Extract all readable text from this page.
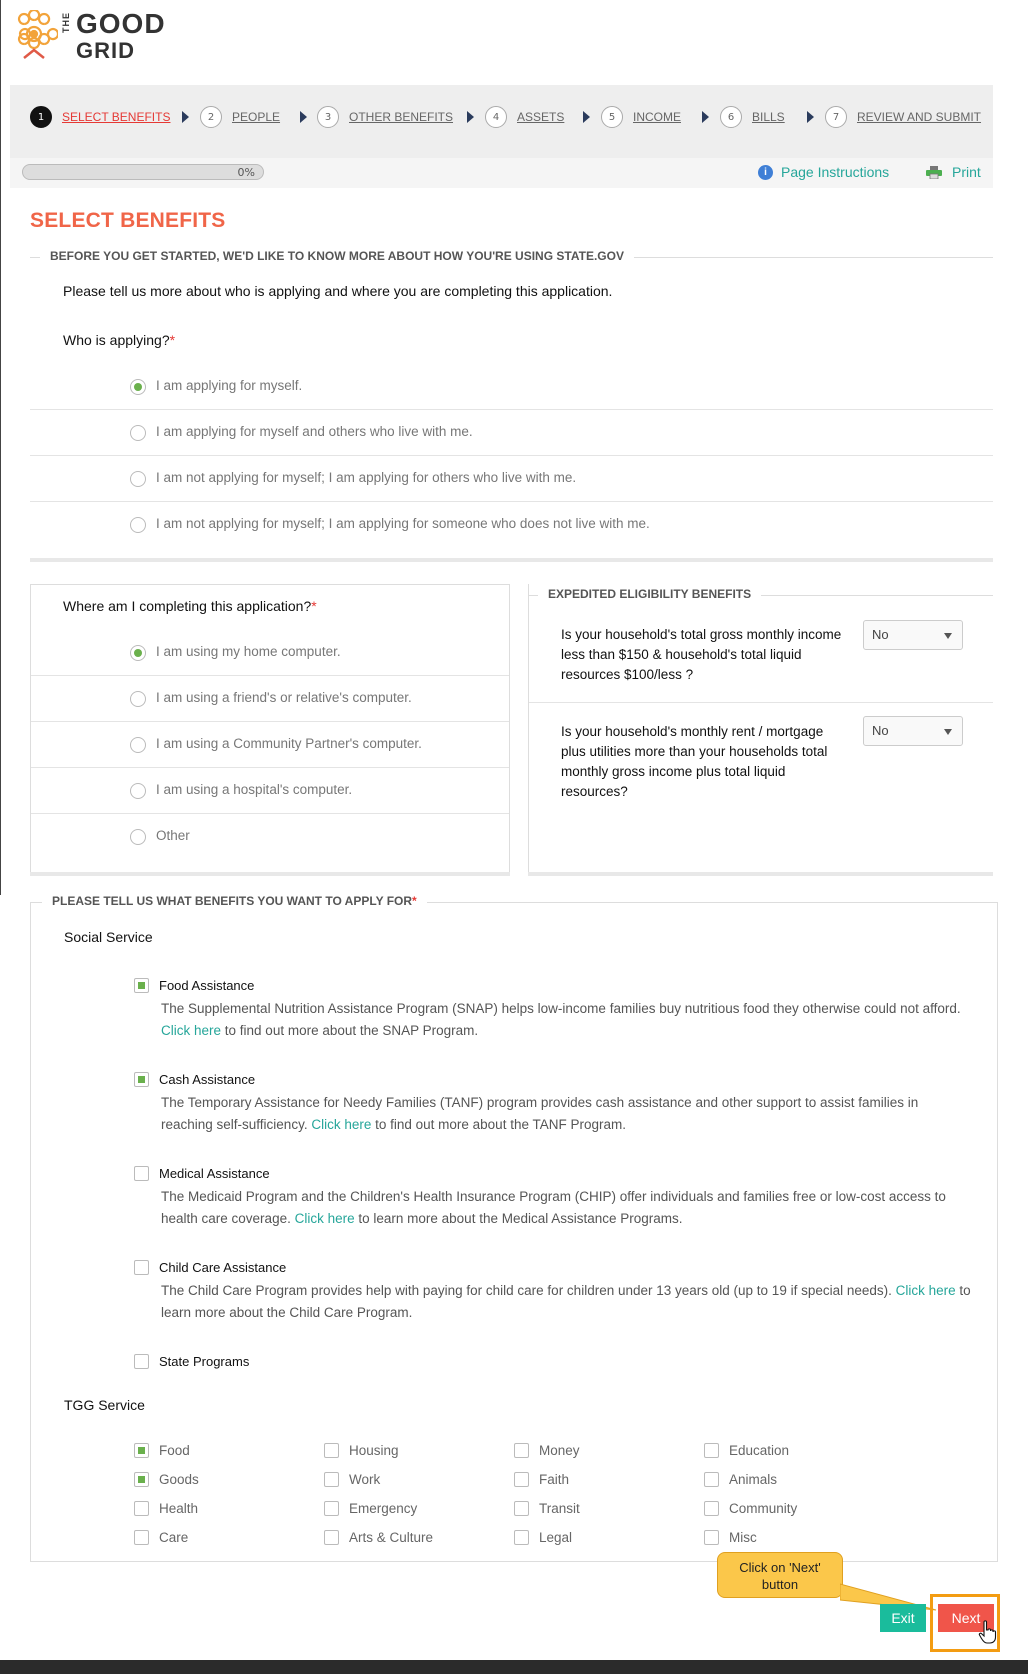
THE GOOD
GRID
1	SELECT BENEFITS	2	PEOPLE	3	OTHER BENEFITS	4	ASSETS	5	INCOME	6	BILLS	7	REVIEW AND SUBMIT
0%	i	Page Instructions	Print
SELECT BENEFITS
BEFORE YOU GET STARTED, WE'D LIKE TO KNOW MORE ABOUT HOW YOU'RE USING STATE.GOV
Please tell us more about who is applying and where you are completing this application.
Who is applying?*
I am applying for myself.
I am applying for myself and others who live with me.
I am not applying for myself; I am applying for others who live with me.
I am not applying for myself; I am applying for someone who does not live with me.
Where am I completing this application?*
I am using my home computer.
I am using a friend's or relative's computer.
I am using a Community Partner's computer.
I am using a hospital's computer.
Other
EXPEDITED ELIGIBILITY BENEFITS
Is your household's total gross monthly income less than $150 & household's total liquid resources $100/less ?
No
Is your household's monthly rent / mortgage plus utilities more than your households total monthly gross income plus total liquid resources?
No
PLEASE TELL US WHAT BENEFITS YOU WANT TO APPLY FOR*
Social Service
Food Assistance
The Supplemental Nutrition Assistance Program (SNAP) helps low-income families buy nutritious food they otherwise could not afford. Click here to find out more about the SNAP Program.
Cash Assistance
The Temporary Assistance for Needy Families (TANF) program provides cash assistance and other support to assist families in reaching self-sufficiency. Click here to find out more about the TANF Program.
Medical Assistance
The Medicaid Program and the Children's Health Insurance Program (CHIP) offer individuals and families free or low-cost access to health care coverage. Click here to learn more about the Medical Assistance Programs.
Child Care Assistance
The Child Care Program provides help with paying for child care for children under 13 years old (up to 19 if special needs). Click here to learn more about the Child Care Program.
State Programs
TGG Service
Food	Housing	Money	Education
Goods	Work	Faith	Animals
Health	Emergency	Transit	Community
Care	Arts & Culture	Legal	Misc
Click on 'Next'
button
Exit	Next
